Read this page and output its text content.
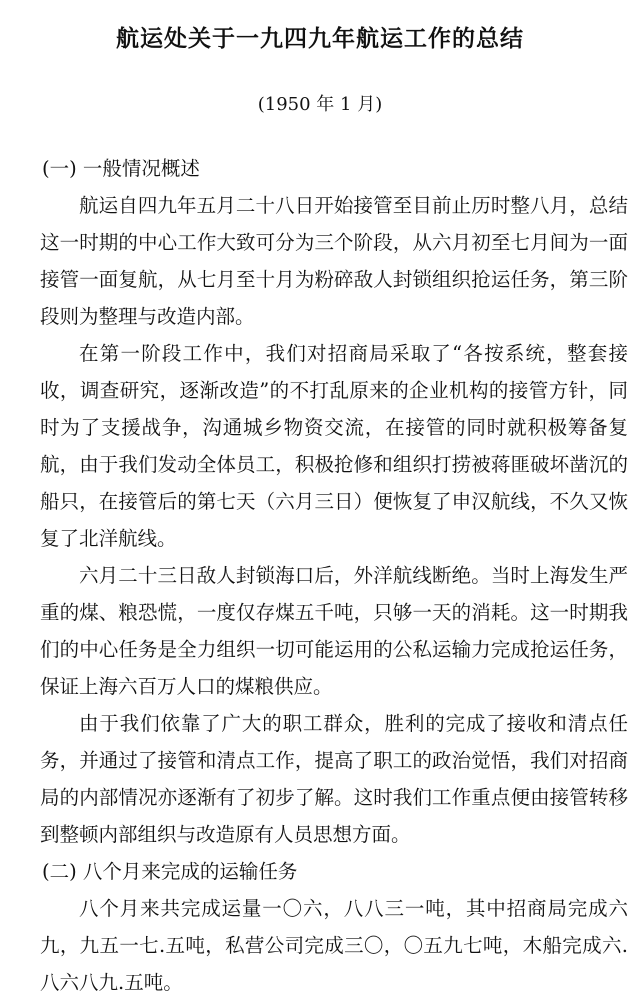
航运处关于一九四九年航运工作的总结
(1950 年 1 月)
(一) 一般情况概述

航运自四九年五月二十八日开始接管至目前止历时整八月，总结这一时期的中心工作大致可分为三个阶段，从六月初至七月间为一面接管一面复航，从七月至十月为粉碎敌人封锁组织抢运任务，第三阶段则为整理与改造内部。

在第一阶段工作中，我们对招商局采取了“各按系统，整套接收，调查研究，逐渐改造”的不打乱原来的企业机构的接管方针，同时为了支援战争，沟通城乡物资交流，在接管的同时就积极筹备复航，由于我们发动全体员工，积极抢修和组织打捞被蒋匪破坏凿沉的船只，在接管后的第七天（六月三日）便恢复了申汉航线，不久又恢复了北洋航线。

六月二十三日敌人封锁海口后，外洋航线断绝。当时上海发生严重的煤、粮恐慌，一度仅存煤五千吨，只够一天的消耗。这一时期我们的中心任务是全力组织一切可能运用的公私运输力完成抢运任务，保证上海六百万人口的煤粮供应。

由于我们依靠了广大的职工群众，胜利的完成了接收和清点任务，并通过了接管和清点工作，提高了职工的政治觉悟，我们对招商局的内部情况亦逐渐有了初步了解。这时我们工作重点便由接管转移到整顿内部组织与改造原有人员思想方面。

(二) 八个月来完成的运输任务

八个月来共完成运量一〇六，八八三一吨，其中招商局完成六九，九五一七.五吨，私营公司完成三〇，〇五九七吨，木船完成六.八六八九.五吨。
